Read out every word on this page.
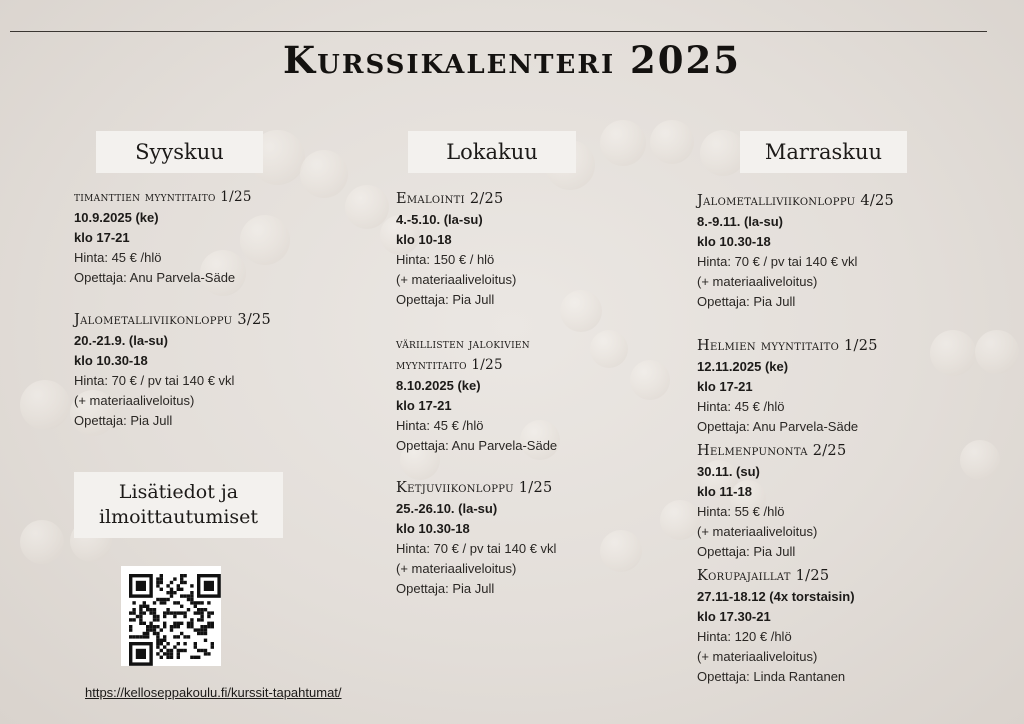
Kurssikalenteri 2025
Syyskuu	Lokakuu	Marraskuu
timanttien myyntitaito 1/25
10.9.2025 (ke)
klo 17-21
Hinta: 45 € /hlö
Opettaja: Anu Parvela-Säde
Jalometalliviikonloppu 3/25
20.-21.9. (la-su)
klo 10.30-18
Hinta: 70 € / pv tai 140 € vkl
(+ materiaaliveloitus)
Opettaja: Pia Jull
Emalointi 2/25
4.-5.10. (la-su)
klo 10-18
Hinta: 150 € / hlö
(+ materiaaliveloitus)
Opettaja: Pia Jull
värillisten jalokivien myyntitaito 1/25
8.10.2025 (ke)
klo 17-21
Hinta: 45 € /hlö
Opettaja: Anu Parvela-Säde
Ketjuviikonloppu 1/25
25.-26.10. (la-su)
klo 10.30-18
Hinta: 70 € / pv tai 140 € vkl
(+ materiaaliveloitus)
Opettaja: Pia Jull
Jalometalliviikonloppu 4/25
8.-9.11. (la-su)
klo 10.30-18
Hinta: 70 € / pv tai 140 € vkl
(+ materiaaliveloitus)
Opettaja: Pia Jull
Helmien myyntitaito 1/25
12.11.2025 (ke)
klo 17-21
Hinta: 45 € /hlö
Opettaja: Anu Parvela-Säde
Helmenpunonta 2/25
30.11. (su)
klo 11-18
Hinta: 55 € /hlö
(+ materiaaliveloitus)
Opettaja: Pia Jull
Korupajaillat 1/25
27.11-18.12 (4x torstaisin)
klo 17.30-21
Hinta: 120 € /hlö
(+ materiaaliveloitus)
Opettaja: Linda Rantanen
Lisätiedot ja
ilmoittautumiset
https://kelloseppakoulu.fi/kurssit-tapahtumat/
